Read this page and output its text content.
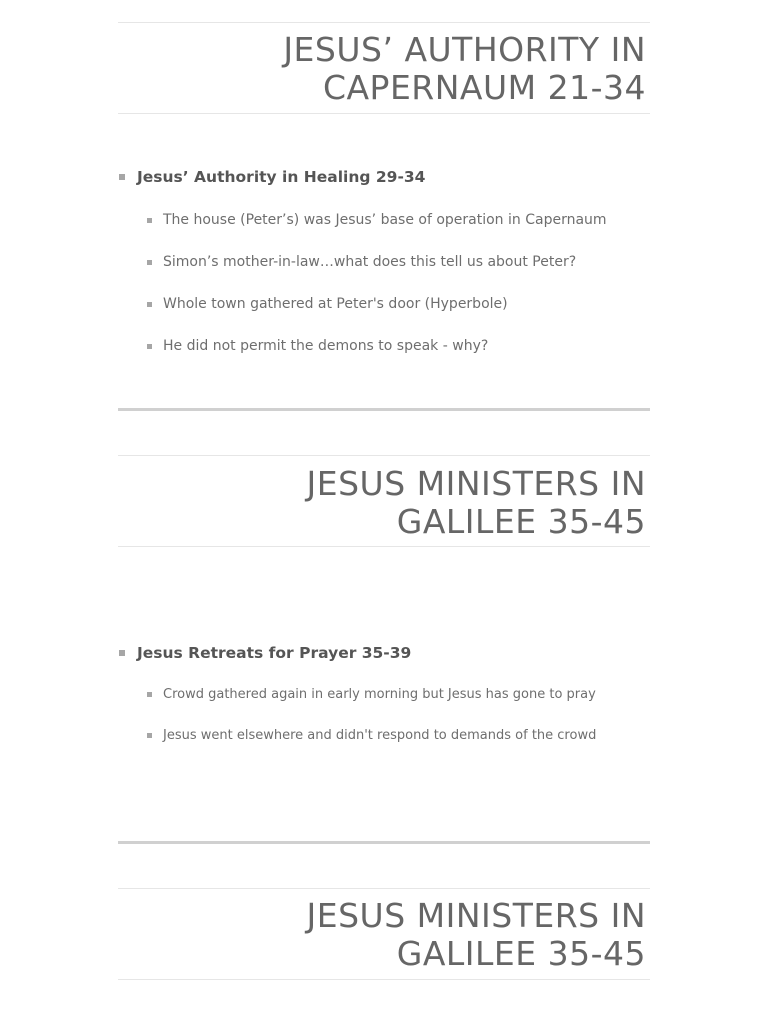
JESUS’ AUTHORITY IN
CAPERNAUM 21-34
Jesus’ Authority in Healing 29-34
The house (Peter’s) was Jesus’ base of operation in Capernaum
Simon’s mother-in-law…what does this tell us about Peter?
Whole town gathered at Peter's door (Hyperbole)
He did not permit the demons to speak - why?
JESUS MINISTERS IN
GALILEE 35-45
Jesus Retreats for Prayer 35-39
Crowd gathered again in early morning but Jesus has gone to pray
Jesus went elsewhere and didn't respond to demands of the crowd
JESUS MINISTERS IN
GALILEE 35-45
